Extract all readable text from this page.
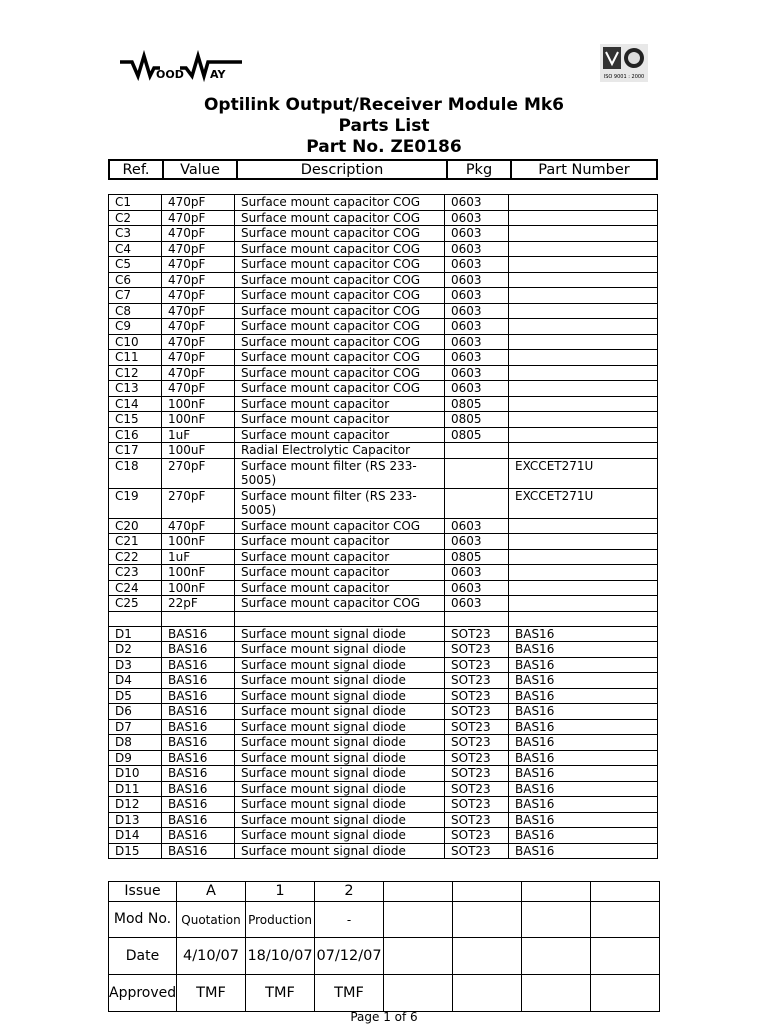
OOD AY	ISO 9001 : 2000
Optilink Output/Receiver Module Mk6
Parts List
Part No. ZE0186
Ref.	Value	Description	Pkg	Part Number
C1	470pF	Surface mount capacitor COG	0603	
C2	470pF	Surface mount capacitor COG	0603	
C3	470pF	Surface mount capacitor COG	0603	
C4	470pF	Surface mount capacitor COG	0603	
C5	470pF	Surface mount capacitor COG	0603	
C6	470pF	Surface mount capacitor COG	0603	
C7	470pF	Surface mount capacitor COG	0603	
C8	470pF	Surface mount capacitor COG	0603	
C9	470pF	Surface mount capacitor COG	0603	
C10	470pF	Surface mount capacitor COG	0603	
C11	470pF	Surface mount capacitor COG	0603	
C12	470pF	Surface mount capacitor COG	0603	
C13	470pF	Surface mount capacitor COG	0603	
C14	100nF	Surface mount capacitor	0805	
C15	100nF	Surface mount capacitor	0805	
C16	1uF	Surface mount capacitor	0805	
C17	100uF	Radial Electrolytic Capacitor		
C18	270pF	Surface mount filter (RS 233-5005)		EXCCET271U
C19	270pF	Surface mount filter (RS 233-5005)		EXCCET271U
C20	470pF	Surface mount capacitor COG	0603	
C21	100nF	Surface mount capacitor	0603	
C22	1uF	Surface mount capacitor	0805	
C23	100nF	Surface mount capacitor	0603	
C24	100nF	Surface mount capacitor	0603	
C25	22pF	Surface mount capacitor COG	0603	

D1	BAS16	Surface mount signal diode	SOT23	BAS16
D2	BAS16	Surface mount signal diode	SOT23	BAS16
D3	BAS16	Surface mount signal diode	SOT23	BAS16
D4	BAS16	Surface mount signal diode	SOT23	BAS16
D5	BAS16	Surface mount signal diode	SOT23	BAS16
D6	BAS16	Surface mount signal diode	SOT23	BAS16
D7	BAS16	Surface mount signal diode	SOT23	BAS16
D8	BAS16	Surface mount signal diode	SOT23	BAS16
D9	BAS16	Surface mount signal diode	SOT23	BAS16
D10	BAS16	Surface mount signal diode	SOT23	BAS16
D11	BAS16	Surface mount signal diode	SOT23	BAS16
D12	BAS16	Surface mount signal diode	SOT23	BAS16
D13	BAS16	Surface mount signal diode	SOT23	BAS16
D14	BAS16	Surface mount signal diode	SOT23	BAS16
D15	BAS16	Surface mount signal diode	SOT23	BAS16
Issue	A	1	2				
Mod No.	Quotation	Production	-				
Date	4/10/07	18/10/07	07/12/07				
Approved	TMF	TMF	TMF				
Page 1 of 6
